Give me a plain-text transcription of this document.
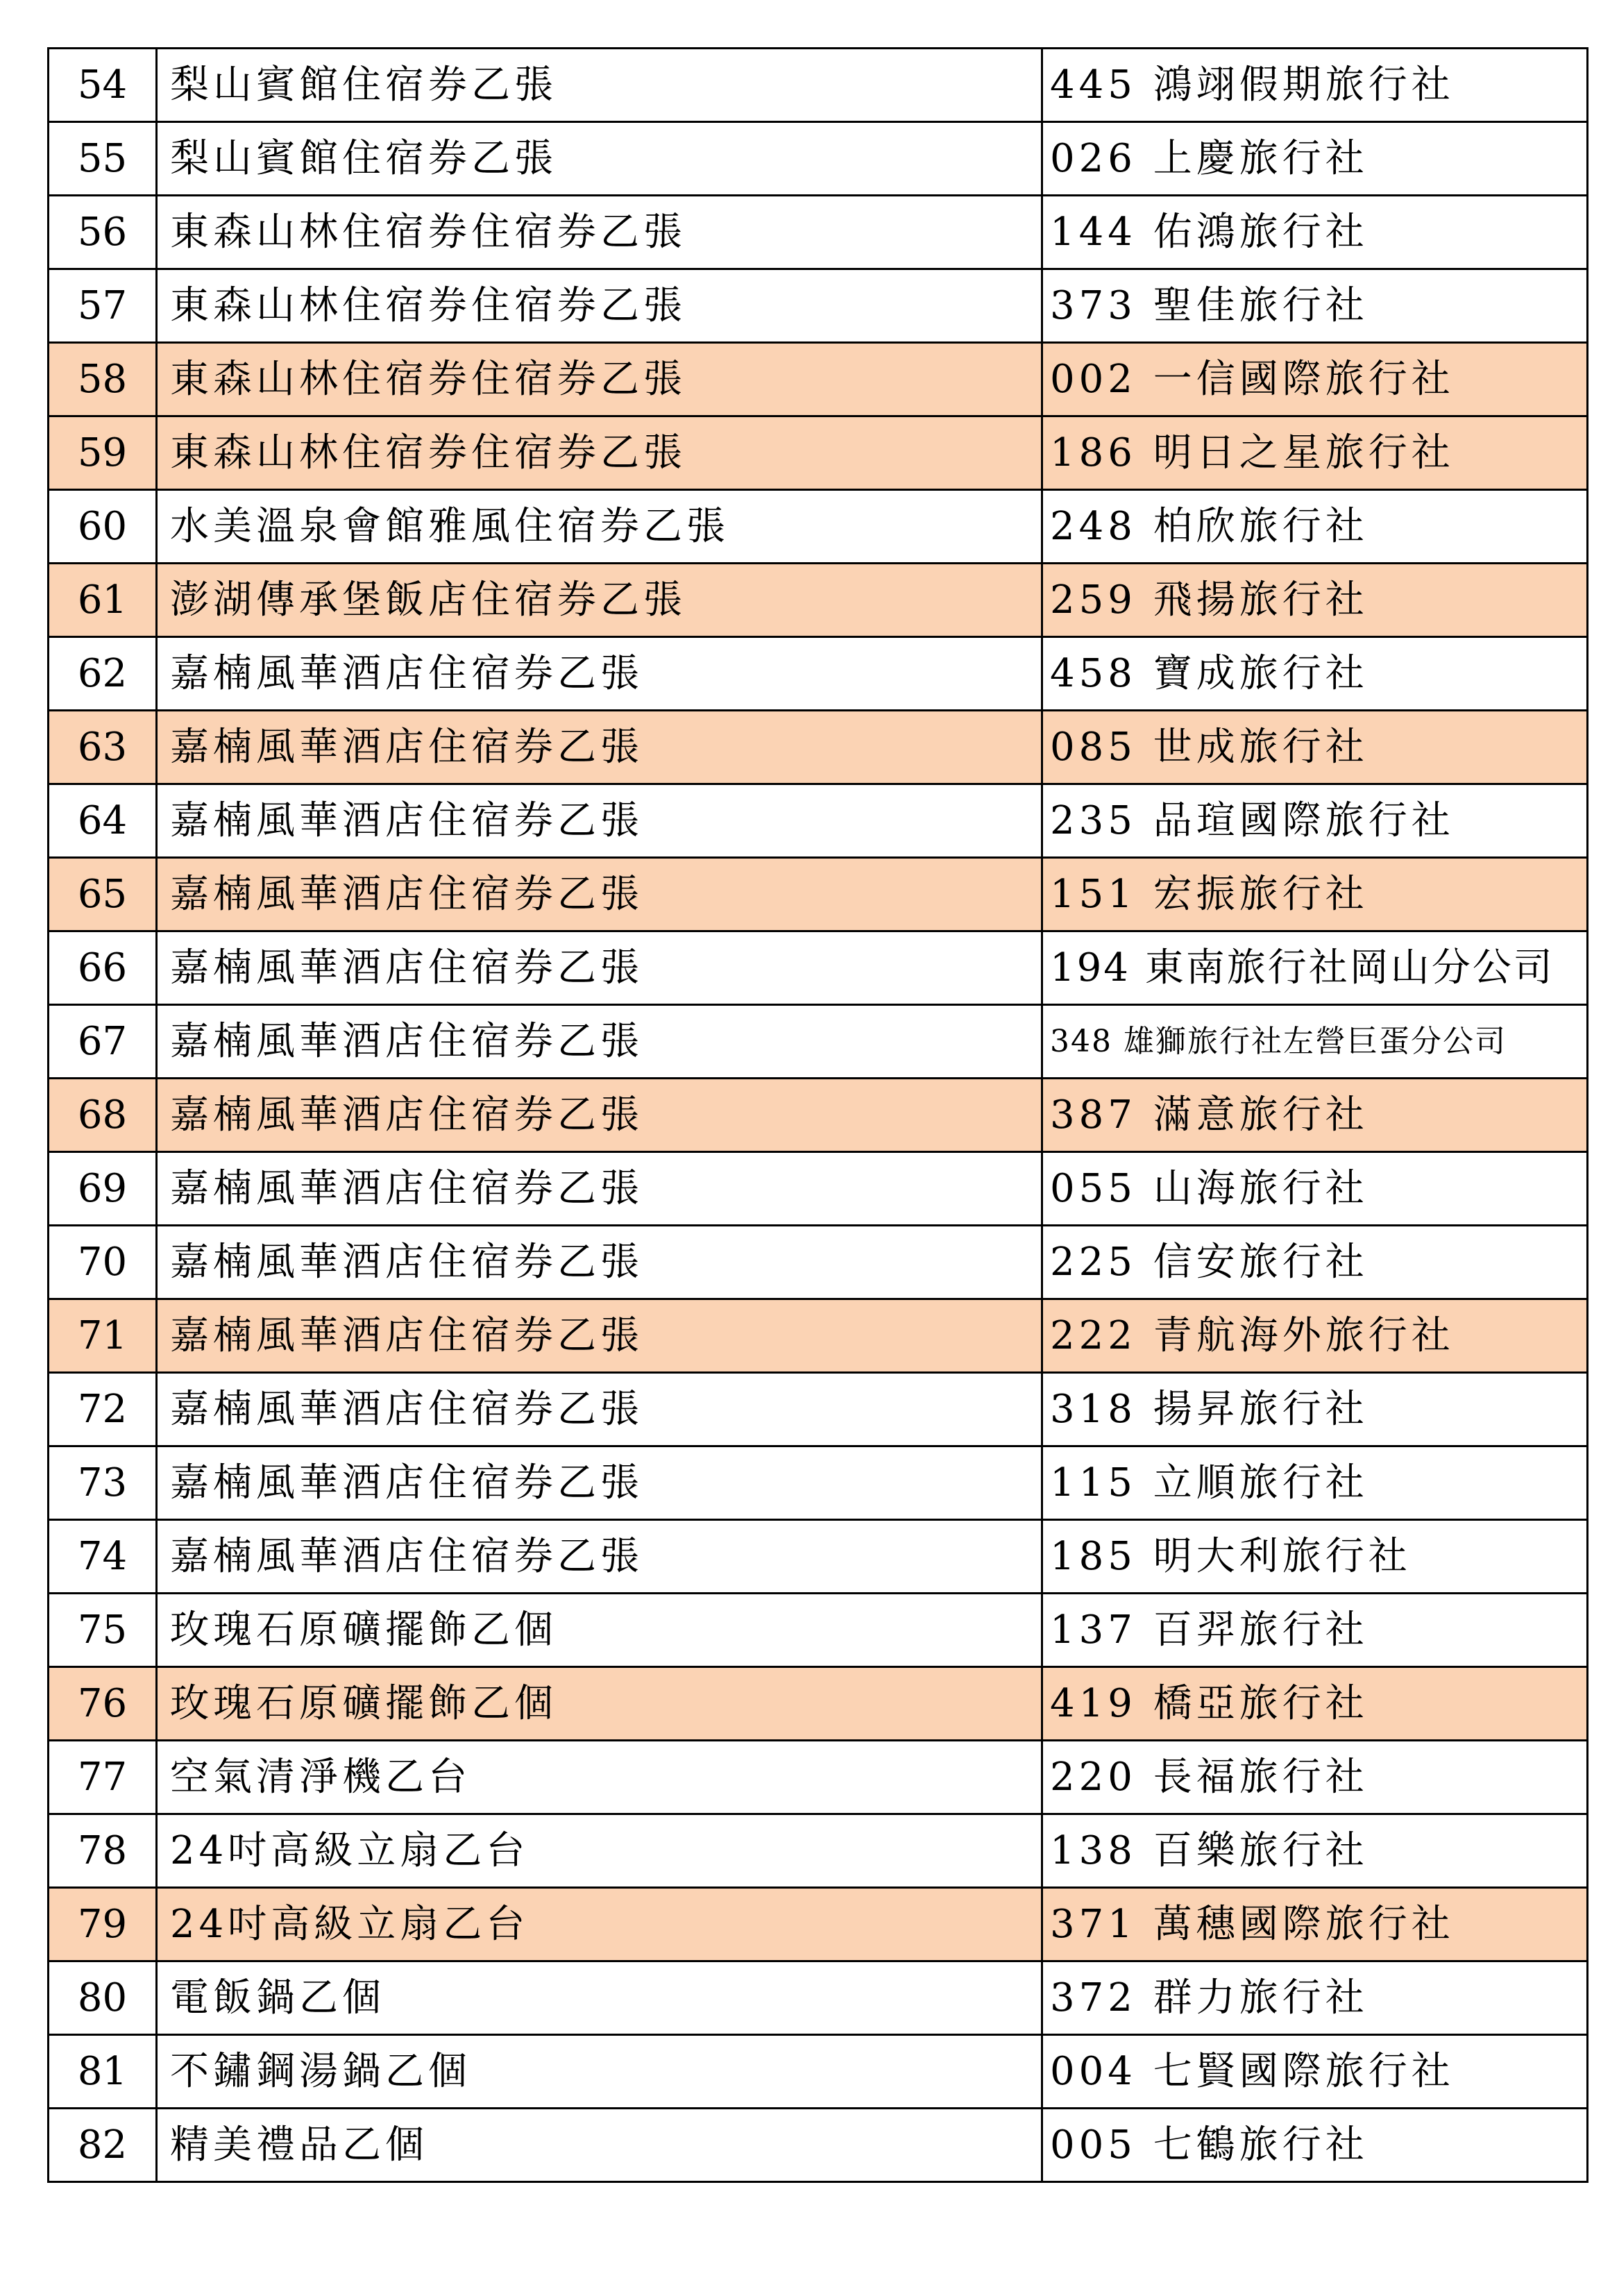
54	梨山賓館住宿券乙張	445 鴻翊假期旅行社
55	梨山賓館住宿券乙張	026 上慶旅行社
56	東森山林住宿券住宿券乙張	144 佑鴻旅行社
57	東森山林住宿券住宿券乙張	373 聖佳旅行社
58	東森山林住宿券住宿券乙張	002 一信國際旅行社
59	東森山林住宿券住宿券乙張	186 明日之星旅行社
60	水美溫泉會館雅風住宿券乙張	248 柏欣旅行社
61	澎湖傳承堡飯店住宿券乙張	259 飛揚旅行社
62	嘉楠風華酒店住宿券乙張	458 寶成旅行社
63	嘉楠風華酒店住宿券乙張	085 世成旅行社
64	嘉楠風華酒店住宿券乙張	235 品瑄國際旅行社
65	嘉楠風華酒店住宿券乙張	151 宏振旅行社
66	嘉楠風華酒店住宿券乙張	194 東南旅行社岡山分公司
67	嘉楠風華酒店住宿券乙張	348 雄獅旅行社左營巨蛋分公司
68	嘉楠風華酒店住宿券乙張	387 滿意旅行社
69	嘉楠風華酒店住宿券乙張	055 山海旅行社
70	嘉楠風華酒店住宿券乙張	225 信安旅行社
71	嘉楠風華酒店住宿券乙張	222 青航海外旅行社
72	嘉楠風華酒店住宿券乙張	318 揚昇旅行社
73	嘉楠風華酒店住宿券乙張	115 立順旅行社
74	嘉楠風華酒店住宿券乙張	185 明大利旅行社
75	玫瑰石原礦擺飾乙個	137 百羿旅行社
76	玫瑰石原礦擺飾乙個	419 橋亞旅行社
77	空氣清淨機乙台	220 長福旅行社
78	24吋高級立扇乙台	138 百樂旅行社
79	24吋高級立扇乙台	371 萬穗國際旅行社
80	電飯鍋乙個	372 群力旅行社
81	不鏽鋼湯鍋乙個	004 七賢國際旅行社
82	精美禮品乙個	005 七鶴旅行社
